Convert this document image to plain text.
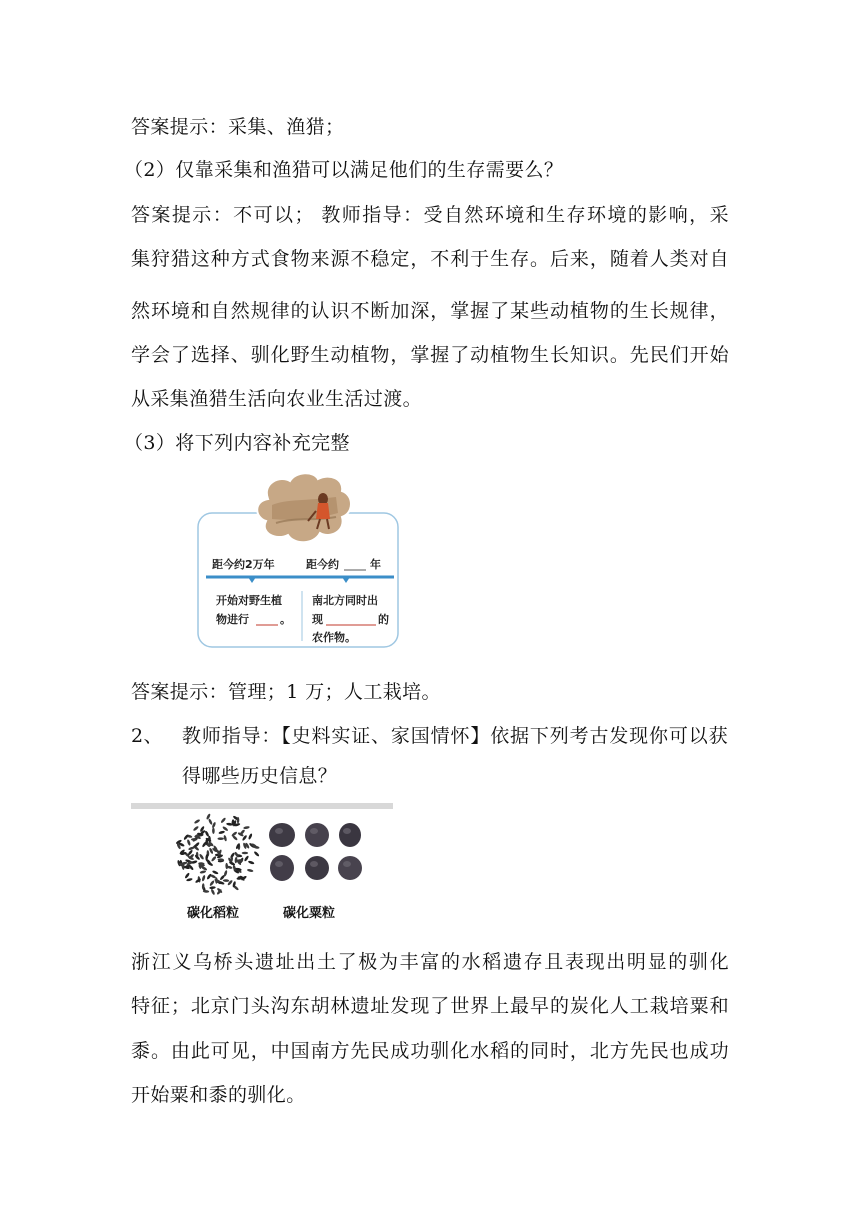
答案提示：采集、渔猎；
（2）仅靠采集和渔猎可以满足他们的生存需要么？
答案提示：不可以； 教师指导：受自然环境和生存环境的影响，采
集狩猎这种方式食物来源不稳定，不利于生存。后来，随着人类对自
然环境和自然规律的认识不断加深，掌握了某些动植物的生长规律，
学会了选择、驯化野生动植物，掌握了动植物生长知识。先民们开始
从采集渔猎生活向农业生活过渡。
（3）将下列内容补充完整
距今约2万年	距今约	年
开始对野生植
物进行	。
南北方同时出
现	的
农作物。
答案提示：管理；1 万；人工栽培。
2、 教师指导：【史料实证、家国情怀】依据下列考古发现你可以获
得哪些历史信息？
碳化稻粒	碳化粟粒
浙江义乌桥头遗址出土了极为丰富的水稻遗存且表现出明显的驯化
特征；北京门头沟东胡林遗址发现了世界上最早的炭化人工栽培粟和
黍。由此可见，中国南方先民成功驯化水稻的同时，北方先民也成功
开始粟和黍的驯化。
